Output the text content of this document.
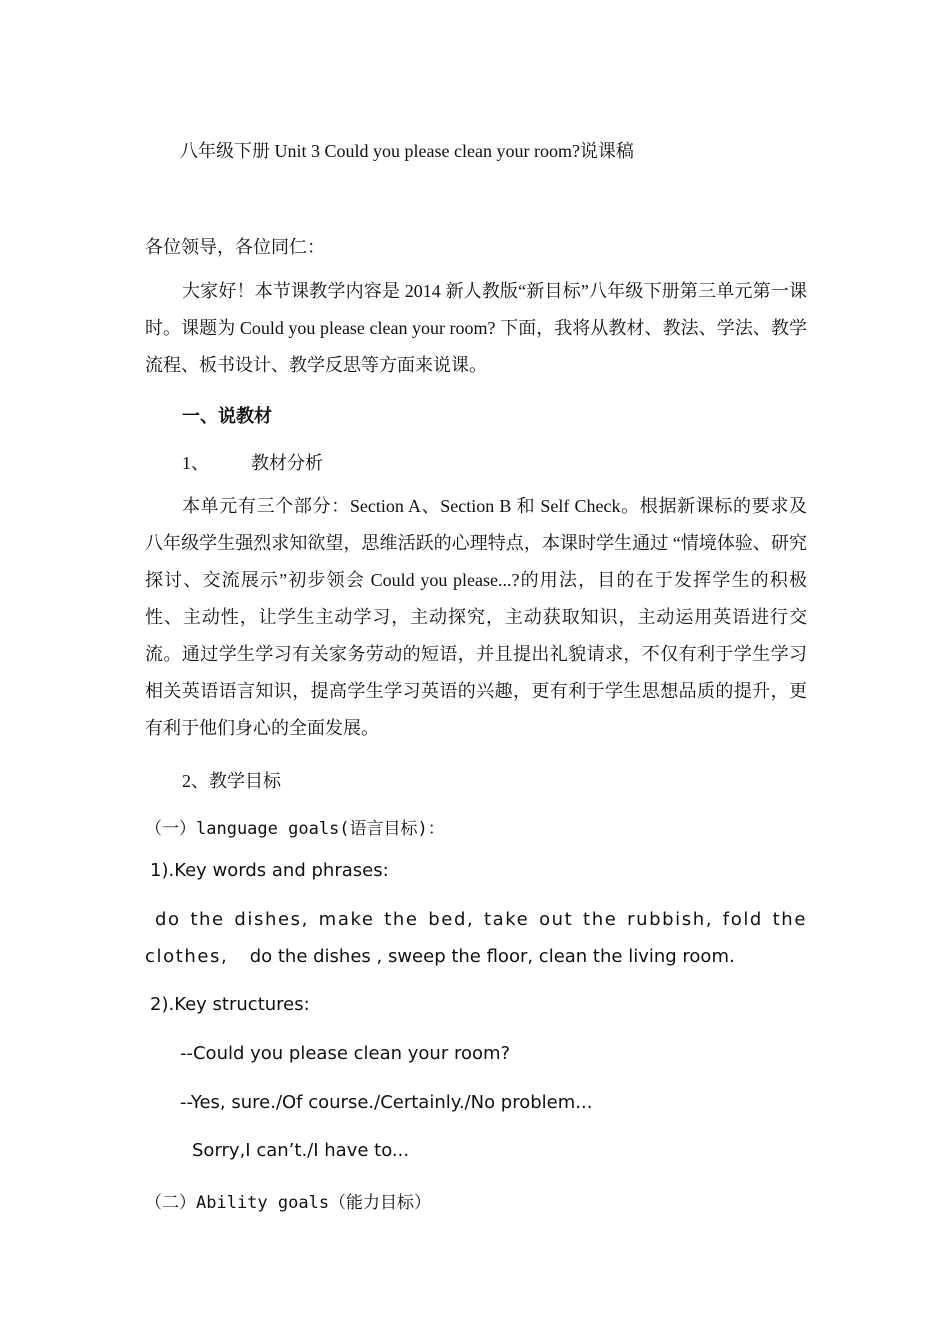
八年级下册 Unit 3 Could you please clean your room?说课稿
各位领导，各位同仁：
大家好！本节课教学内容是 2014 新人教版“新目标”八年级下册第三单元第一课时。课题为 Could you please clean your room? 下面，我将从教材、教法、学法、教学流程、板书设计、教学反思等方面来说课。
一、说教材
1、 教材分析
本单元有三个部分：Section A、Section B 和 Self Check。根据新课标的要求及八年级学生强烈求知欲望，思维活跃的心理特点，本课时学生通过 “情境体验、研究探讨、交流展示”初步领会 Could you please...?的用法，目的在于发挥学生的积极性、主动性，让学生主动学习，主动探究，主动获取知识，主动运用英语进行交流。通过学生学习有关家务劳动的短语，并且提出礼貌请求，不仅有利于学生学习相关英语语言知识，提高学生学习英语的兴趣，更有利于学生思想品质的提升，更有利于他们身心的全面发展。
2、教学目标
（一）language goals(语言目标)：
1).Key words and phrases:
do the dishes, make the bed, take out the rubbish, fold the clothes, do the dishes , sweep the floor, clean the living room.
2).Key structures:
--Could you please clean your room?
--Yes, sure./Of course./Certainly./No problem...
Sorry,I can’t./I have to...
（二）Ability goals（能力目标）
